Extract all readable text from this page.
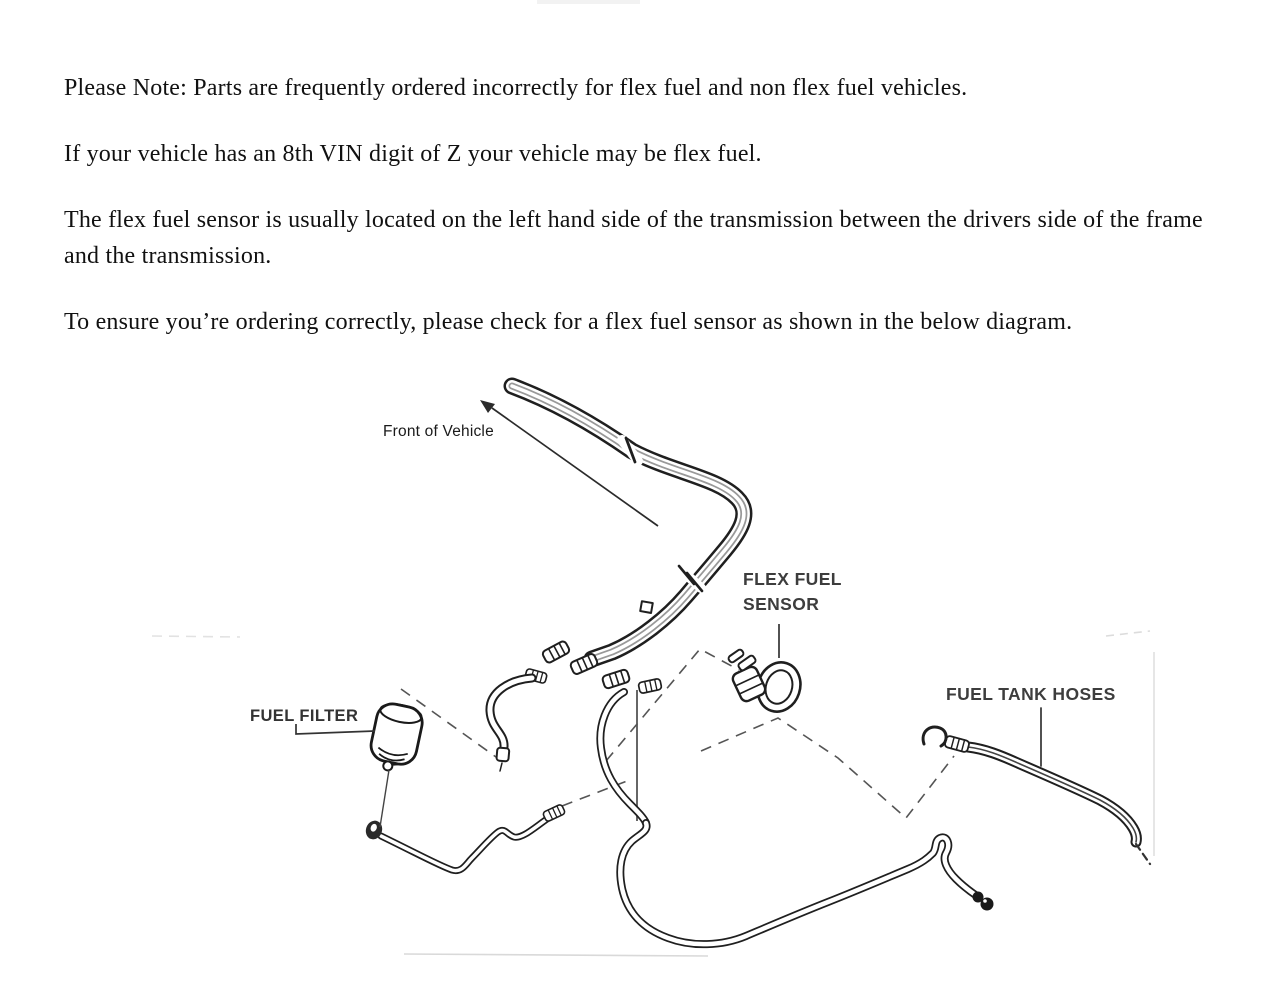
Please Note: Parts are frequently ordered incorrectly for flex fuel and non flex fuel vehicles.

If your vehicle has an 8th VIN digit of Z your vehicle may be flex fuel.

The flex fuel sensor is usually located on the left hand side of the transmission between the drivers side of the frame and the transmission.

To ensure you’re ordering correctly, please check for a flex fuel sensor as shown in the below diagram.

Front of Vehicle
FUEL FILTER
FLEX FUEL
SENSOR
FUEL TANK HOSES
